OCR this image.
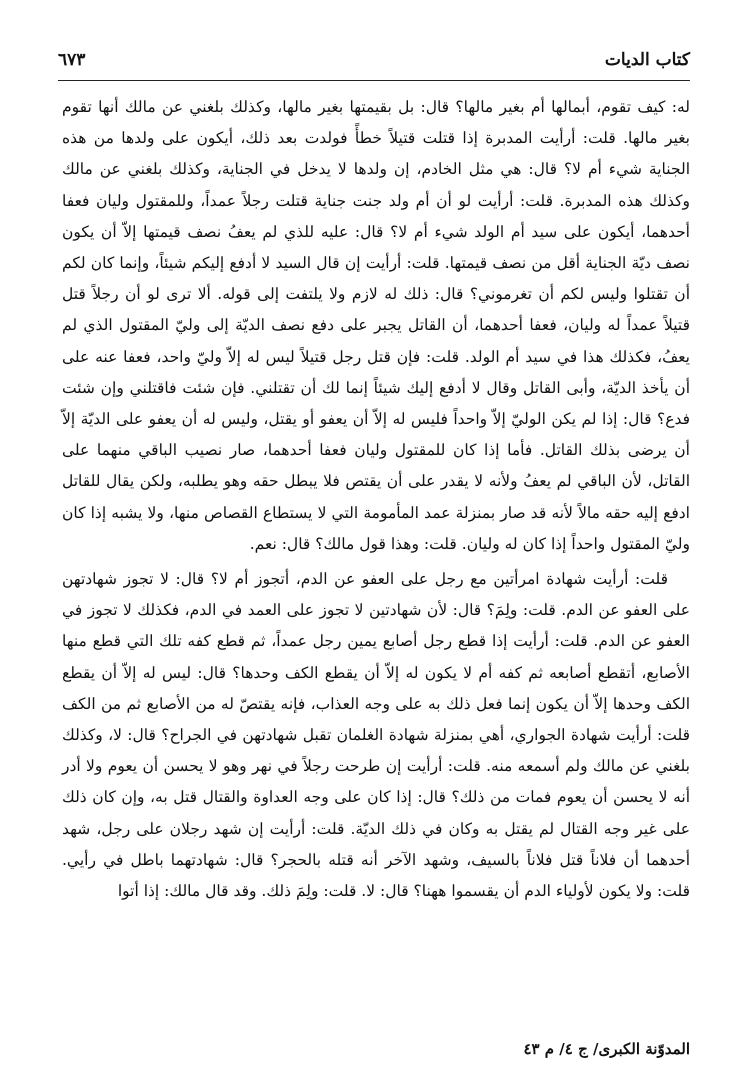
كتاب الديات
٦٧٣

له: كيف تقوم، أبمالها أم بغير مالها؟ قال: بل بقيمتها بغير مالها، وكذلك بلغني عن مالك أنها تقوم بغير مالها. قلت: أرأيت المدبرة إذا قتلت قتيلاً خطأً فولدت بعد ذلك، أيكون على ولدها من هذه الجناية شيء أم لا؟ قال: هي مثل الخادم، إن ولدها لا يدخل في الجناية، وكذلك بلغني عن مالك وكذلك هذه المدبرة. قلت: أرأيت لو أن أم ولد جنت جناية قتلت رجلاً عمداً، وللمقتول وليان فعفا أحدهما، أيكون على سيد أم الولد شيء أم لا؟ قال: عليه للذي لم يعفُ نصف قيمتها إلاّ أن يكون نصف ديّة الجناية أقل من نصف قيمتها. قلت: أرأيت إن قال السيد لا أدفع إليكم شيئاً، وإنما كان لكم أن تقتلوا وليس لكم أن تغرموني؟ قال: ذلك له لازم ولا يلتفت إلى قوله. ألا ترى لو أن رجلاً قتل قتيلاً عمداً له وليان، فعفا أحدهما، أن القاتل يجبر على دفع نصف الديّة إلى وليّ المقتول الذي لم يعفُ، فكذلك هذا في سيد أم الولد. قلت: فإن قتل رجل قتيلاً ليس له إلاّ وليّ واحد، فعفا عنه على أن يأخذ الديّة، وأبى القاتل وقال لا أدفع إليك شيئاً إنما لك أن تقتلني. فإن شئت فاقتلني وإن شئت فدع؟ قال: إذا لم يكن الوليّ إلاّ واحداً فليس له إلاّ أن يعفو أو يقتل، وليس له أن يعفو على الديّة إلاّ أن يرضى بذلك القاتل. فأما إذا كان للمقتول وليان فعفا أحدهما، صار نصيب الباقي منهما على القاتل، لأن الباقي لم يعفُ ولأنه لا يقدر على أن يقتص فلا يبطل حقه وهو يطلبه، ولكن يقال للقاتل ادفع إليه حقه مالاً لأنه قد صار بمنزلة عمد المأمومة التي لا يستطاع القصاص منها، ولا يشبه إذا كان وليّ المقتول واحداً إذا كان له وليان. قلت: وهذا قول مالك؟ قال: نعم.

قلت: أرأيت شهادة امرأتين مع رجل على العفو عن الدم، أتجوز أم لا؟ قال: لا تجوز شهادتهن على العفو عن الدم. قلت: ولِمَ؟ قال: لأن شهادتين لا تجوز على العمد في الدم، فكذلك لا تجوز في العفو عن الدم. قلت: أرأيت إذا قطع رجل أصابع يمين رجل عمداً، ثم قطع كفه تلك التي قطع منها الأصابع، أتقطع أصابعه ثم كفه أم لا يكون له إلاّ أن يقطع الكف وحدها؟ قال: ليس له إلاّ أن يقطع الكف وحدها إلاّ أن يكون إنما فعل ذلك به على وجه العذاب، فإنه يقتصّ له من الأصابع ثم من الكف قلت: أرأيت شهادة الجواري، أهي بمنزلة شهادة الغلمان تقبل شهادتهن في الجراح؟ قال: لا، وكذلك بلغني عن مالك ولم أسمعه منه. قلت: أرأيت إن طرحت رجلاً في نهر وهو لا يحسن أن يعوم ولا أدر أنه لا يحسن أن يعوم فمات من ذلك؟ قال: إذا كان على وجه العداوة والقتال قتل به، وإن كان ذلك على غير وجه القتال لم يقتل به وكان في ذلك الديّة. قلت: أرأيت إن شهد رجلان على رجل، شهد أحدهما أن فلاناً قتل فلاناً بالسيف، وشهد الآخر أنه قتله بالحجر؟ قال: شهادتهما باطل في رأيي. قلت: ولا يكون لأولياء الدم أن يقسموا ههنا؟ قال: لا. قلت: ولِمَ ذلك. وقد قال مالك: إذا أتوا

المدوّنة الكبرى/ ج ٤/ م ٤٣
